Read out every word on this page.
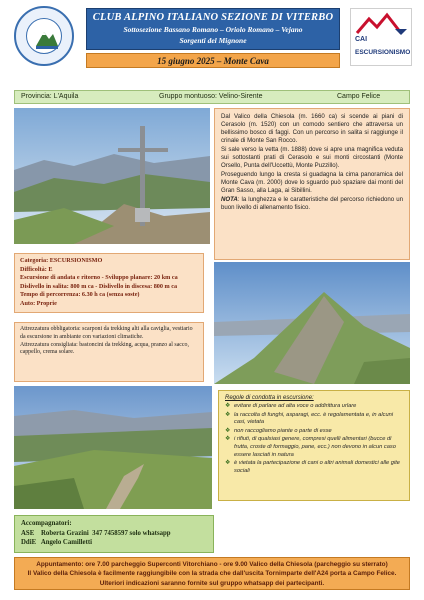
CLUB ALPINO ITALIANO SEZIONE DI VITERBO
Sottosezione Bassano Romano – Oriolo Romano – Vejano
Sorgenti del Mignone	CAI
ESCURSIONISMO
15 giugno 2025 – Monte Cava
Provincia: L'Aquila	Gruppo montuoso: Velino-Sirente	Campo Felice

Dal Valico della Chiesola (m. 1660 ca) si scende ai piani di Cerasolo (m. 1520) con un comodo sentiero che attraversa un bellissimo bosco di faggi. Con un percorso in salita si raggiunge il crinale di Monte San Rocco.

Si sale verso la vetta (m. 1888) dove si apre una magnifica veduta sui sottostanti prati di Cerasolo e sui monti circostanti (Monte Orsello, Punta dell'Uccettù, Monte Puzzillo).

Proseguendo lungo la cresta si guadagna la cima panoramica del Monte Cava (m. 2000) dove lo sguardo può spaziare dai monti del Gran Sasso, alla Laga, ai Sibillini.

NOTA: la lunghezza e le caratteristiche del percorso richiedono un buon livello di allenamento fisico.

Categoria: ESCURSIONISMO
Difficoltà: E
Escursione di andata e ritorno - Sviluppo planare: 20 km ca
Dislivello in salita: 800 m ca - Dislivello in discesa: 800 m ca
Tempo di percorrenza: 6.30 h ca (senza soste)
Auto: Proprie

Attrezzatura obbligatoria: scarponi da trekking alti alla caviglia, vestiario da escursione in ambiante con variazioni climatiche.

Attrezzatura consigliata: bastoncini da trekking, acqua, pranzo al sacco, cappello, crema solare.

Regole di condotta in escursione:
❖ evitare di parlare ad alta voce o addirittura urlare
❖ la raccolta di funghi, asparagi, ecc. è regolamentata e, in alcuni casi, vietata
❖ non raccogliamo piante o parte di esse
❖ i rifiuti, di qualsiasi genere, compresi quelli alimentari (bucce di frutta, croste di formaggio, pane, ecc.) non devono in alcun caso essere lasciati in natura
❖ è vietata la partecipazione di cani o altri animali domestici alle gite sociali
Accompagnatori:
ASE    Roberta Grazini  347 7458597 solo whatsapp
DdiE   Angelo Camilletti
Appuntamento: ore 7.00 parcheggio Superconti Vitorchiano - ore 9.00 Valico della Chiesola (parcheggio su sterrato)
Il Valico della Chiesola è facilmente raggiungibile con la strada che dall'uscita Tornimparte dell'A24 porta a Campo Felice.
Ulteriori indicazioni saranno fornite sul gruppo whatsapp dei partecipanti.
